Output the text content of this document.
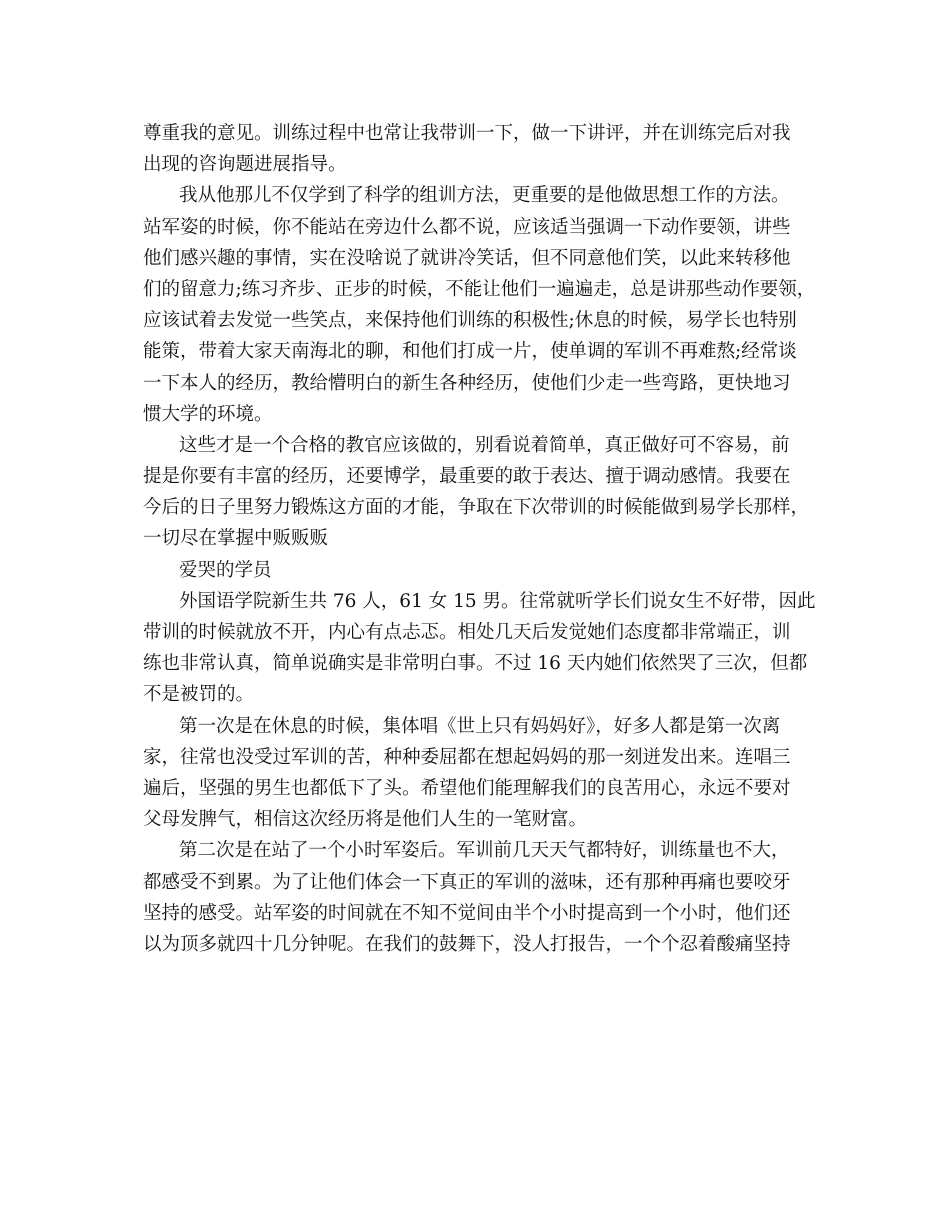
尊重我的意见。训练过程中也常让我带训一下，做一下讲评，并在训练完后对我
出现的咨询题进展指导。
我从他那儿不仅学到了科学的组训方法，更重要的是他做思想工作的方法。
站军姿的时候，你不能站在旁边什么都不说，应该适当强调一下动作要领，讲些
他们感兴趣的事情，实在没啥说了就讲冷笑话，但不同意他们笑，以此来转移他
们的留意力;练习齐步、正步的时候，不能让他们一遍遍走，总是讲那些动作要领，
应该试着去发觉一些笑点，来保持他们训练的积极性;休息的时候，易学长也特别
能策，带着大家天南海北的聊，和他们打成一片，使单调的军训不再难熬;经常谈
一下本人的经历，教给懵明白的新生各种经历，使他们少走一些弯路，更快地习
惯大学的环境。
这些才是一个合格的教官应该做的，别看说着简单，真正做好可不容易，前
提是你要有丰富的经历，还要博学，最重要的敢于表达、擅于调动感情。我要在
今后的日子里努力锻炼这方面的才能，争取在下次带训的时候能做到易学长那样，
一切尽在掌握中贩贩贩
爱哭的学员
外国语学院新生共 76 人，61 女 15 男。往常就听学长们说女生不好带，因此
带训的时候就放不开，内心有点忐忑。相处几天后发觉她们态度都非常端正，训
练也非常认真，简单说确实是非常明白事。不过 16 天内她们依然哭了三次，但都
不是被罚的。
第一次是在休息的时候，集体唱《世上只有妈妈好》，好多人都是第一次离
家，往常也没受过军训的苦，种种委屈都在想起妈妈的那一刻迸发出来。连唱三
遍后，坚强的男生也都低下了头。希望他们能理解我们的良苦用心，永远不要对
父母发脾气，相信这次经历将是他们人生的一笔财富。
第二次是在站了一个小时军姿后。军训前几天天气都特好，训练量也不大，
都感受不到累。为了让他们体会一下真正的军训的滋味，还有那种再痛也要咬牙
坚持的感受。站军姿的时间就在不知不觉间由半个小时提高到一个小时，他们还
以为顶多就四十几分钟呢。在我们的鼓舞下，没人打报告，一个个忍着酸痛坚持
